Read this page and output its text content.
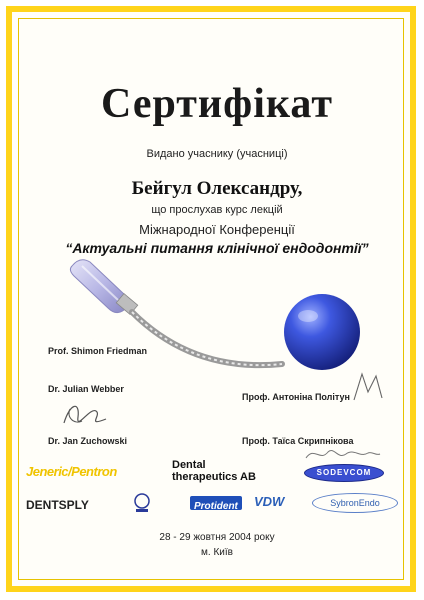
Сертифікат
Видано учаснику (учасниці)
Бейгул Олександру,
що прослухав курс лекцій
Міжнародної Конференції
“Актуальні питання клінічної ендодонтії”
Prof. Shimon Friedman
Dr. Julian Webber
Dr. Jan Zuchowski
Проф. Антоніна Політун
Проф. Таїса Скрипнікова
Jeneric/Pentron	Dental
therapeutics AB	SODEVCOM
DENTSPLY	Protident	VDW	SybronEndo
28 - 29 жовтня 2004 року
м. Київ
